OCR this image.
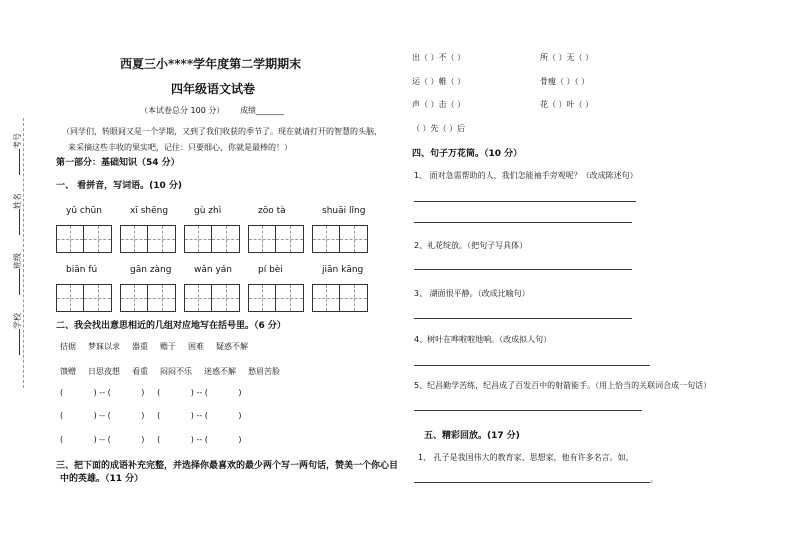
考号
姓名
班级
学校
西夏三小****学年度第二学期期末
四年级语文试卷
（本试卷总分 100 分） 成绩_______
（同学们，转眼间又是一个学期，又到了我们收获的季节了。现在就请打开的智慧的头脑，
来采摘这些丰收的果实吧，记住：只要细心，你就是最棒的！）
第一部分：基础知识（54 分）
一、 看拼音，写词语。(10 分)
yǔ chūn	xī shēng	gù zhì	zōo tà	shuāi lǐng
biān fú	gān zàng	wǎn yán	pí bèi	jiān kāng
二、我会找出意思相近的几组对应地写在括号里。（6 分）
拮据 梦寐以求 器重 赡于 困难 疑惑不解
馈赠 日思夜想 看重 闷闷不乐 迷惑不解 愁眉苦脸
(            ) -- (            )     (            ) -- (            )
(            ) -- (            )     (            ) -- (            )
(            ) -- (            )     (            ) -- (            )
三、把下面的成语补充完整，并选择你最喜欢的最少两个写一两句话，赞美一个你心目
中的英雄。（11 分）
出（ ）不（ ）	所（ ）无（ ）
运（ ）帷（ ）	骨瘦（ ）（ ）
声（ ）击（ ）	花（ ）叶（ ）
（ ）先（ ）后
四、句子万花筒。（10 分）
1、 面对急需帮助的人，我们怎能袖手旁观呢？（改成陈述句）
2、礼花绽放。（把句子写具体）
3、 湖面很平静。（改成比喻句）
4、树叶在哗啦啦地响。（改成拟人句）
5、纪昌勤学苦练，纪昌成了百发百中的射箭能手。（用上恰当的关联词合成一句话）
五、精彩回放。(17 分)
1、 孔子是我国伟大的教育家、思想家，他有许多名言。如，
。
